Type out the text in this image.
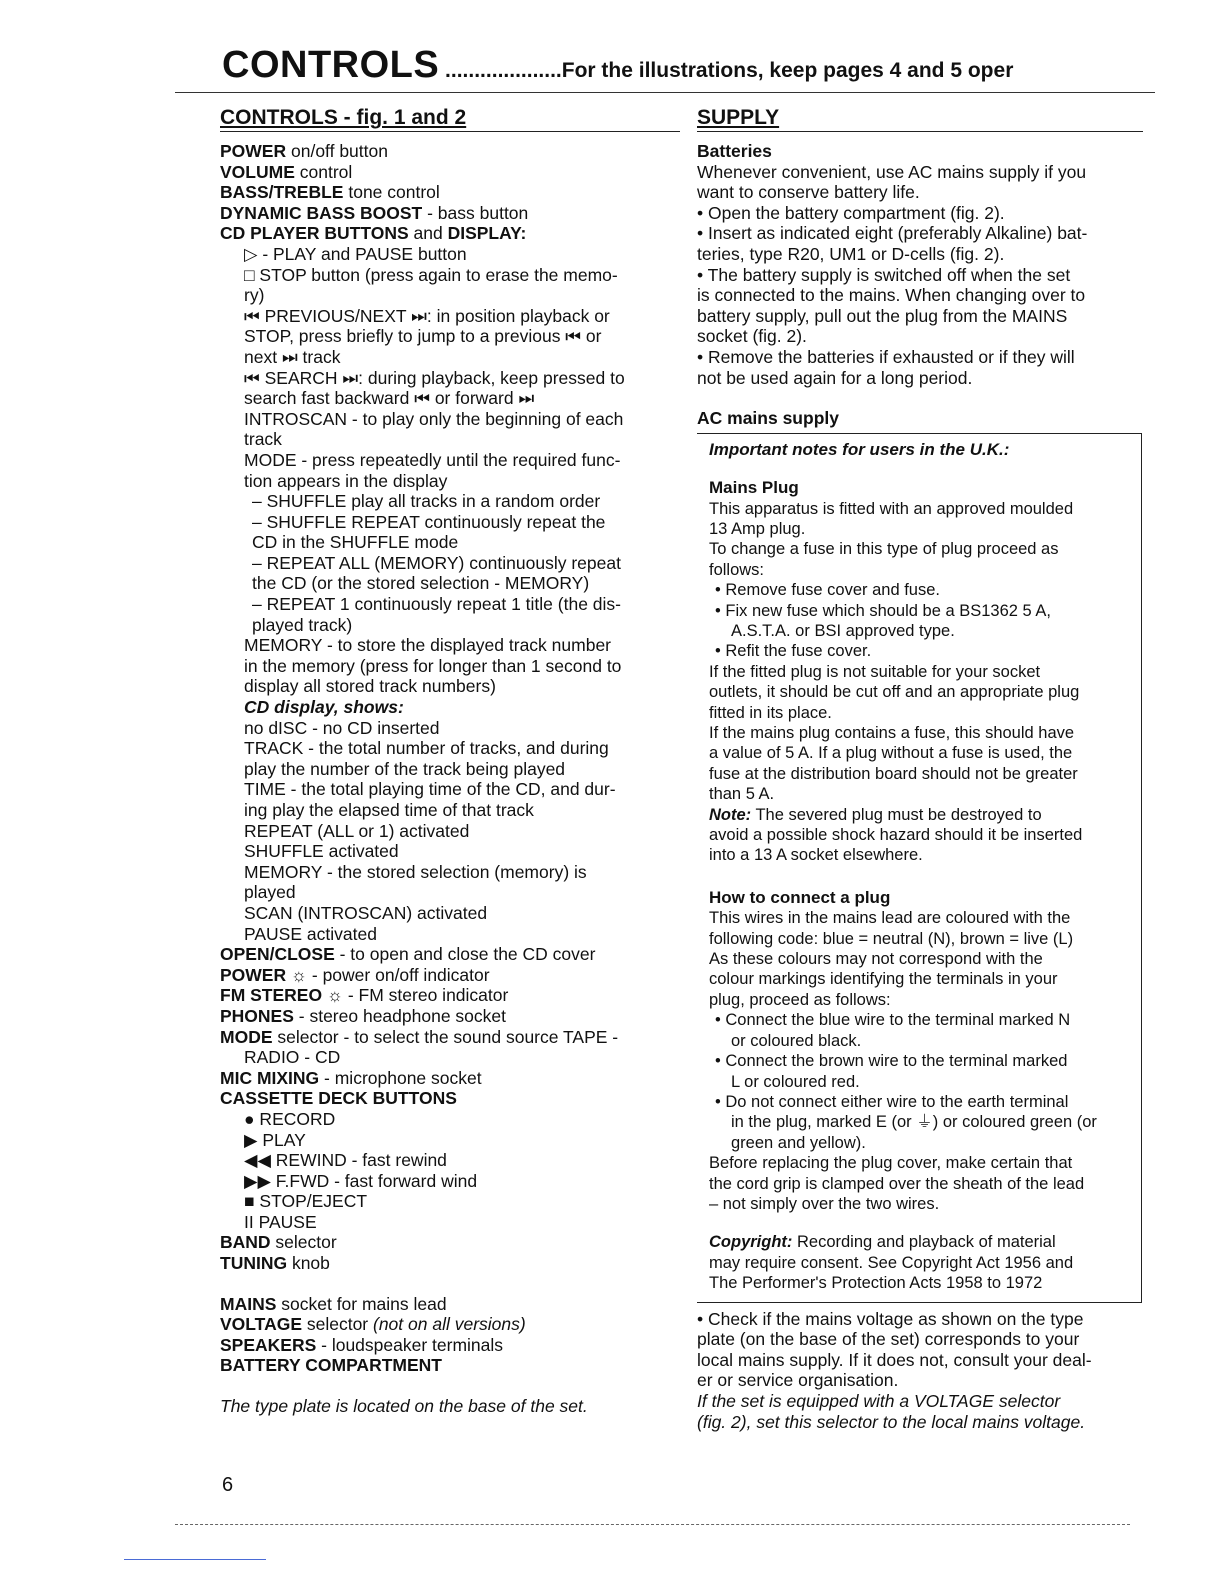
CONTROLS ....................For the illustrations, keep pages 4 and 5 oper
CONTROLS - fig. 1 and 2
POWER on/off button
VOLUME control
BASS/TREBLE tone control
DYNAMIC BASS BOOST - bass button
CD PLAYER BUTTONS and DISPLAY:
▷ - PLAY and PAUSE button
□ STOP button (press again to erase the memo-
ry)
⏮ PREVIOUS/NEXT ⏭: in position playback or
STOP, press briefly to jump to a previous ⏮ or
next ⏭ track
⏮ SEARCH ⏭: during playback, keep pressed to
search fast backward ⏮ or forward ⏭
INTROSCAN - to play only the beginning of each
track
MODE - press repeatedly until the required func-
tion appears in the display
– SHUFFLE play all tracks in a random order
– SHUFFLE REPEAT continuously repeat the
CD in the SHUFFLE mode
– REPEAT ALL (MEMORY) continuously repeat
the CD (or the stored selection - MEMORY)
– REPEAT 1 continuously repeat 1 title (the dis-
played track)
MEMORY - to store the displayed track number
in the memory (press for longer than 1 second to
display all stored track numbers)
CD display, shows:
no dISC - no CD inserted
TRACK - the total number of tracks, and during
play the number of the track being played
TIME - the total playing time of the CD, and dur-
ing play the elapsed time of that track
REPEAT (ALL or 1) activated
SHUFFLE activated
MEMORY - the stored selection (memory) is
played
SCAN (INTROSCAN) activated
PAUSE activated
OPEN/CLOSE - to open and close the CD cover
POWER ☼ - power on/off indicator
FM STEREO ☼ - FM stereo indicator
PHONES - stereo headphone socket
MODE selector - to select the sound source TAPE -
RADIO - CD
MIC MIXING - microphone socket
CASSETTE DECK BUTTONS
● RECORD
▶ PLAY
◀◀ REWIND - fast rewind
▶▶ F.FWD - fast forward wind
■ STOP/EJECT
II PAUSE
BAND selector
TUNING knob
MAINS socket for mains lead
VOLTAGE selector (not on all versions)
SPEAKERS - loudspeaker terminals
BATTERY COMPARTMENT
The type plate is located on the base of the set.
SUPPLY
Batteries
Whenever convenient, use AC mains supply if you
want to conserve battery life.
• Open the battery compartment (fig. 2).
• Insert as indicated eight (preferably Alkaline) bat-
teries, type R20, UM1 or D-cells (fig. 2).
• The battery supply is switched off when the set
is connected to the mains. When changing over to
battery supply, pull out the plug from the MAINS
socket (fig. 2).
• Remove the batteries if exhausted or if they will
not be used again for a long period.
AC mains supply
Important notes for users in the U.K.:
Mains Plug
This apparatus is fitted with an approved moulded
13 Amp plug.
To change a fuse in this type of plug proceed as
follows:
• Remove fuse cover and fuse.
• Fix new fuse which should be a BS1362 5 A,
A.S.T.A. or BSI approved type.
• Refit the fuse cover.
If the fitted plug is not suitable for your socket
outlets, it should be cut off and an appropriate plug
fitted in its place.
If the mains plug contains a fuse, this should have
a value of 5 A. If a plug without a fuse is used, the
fuse at the distribution board should not be greater
than 5 A.
Note: The severed plug must be destroyed to
avoid a possible shock hazard should it be inserted
into a 13 A socket elsewhere.
How to connect a plug
This wires in the mains lead are coloured with the
following code: blue = neutral (N), brown = live (L)
As these colours may not correspond with the
colour markings identifying the terminals in your
plug, proceed as follows:
• Connect the blue wire to the terminal marked N
or coloured black.
• Connect the brown wire to the terminal marked
L or coloured red.
• Do not connect either wire to the earth terminal
in the plug, marked E (or ⏚) or coloured green (or
green and yellow).
Before replacing the plug cover, make certain that
the cord grip is clamped over the sheath of the lead
– not simply over the two wires.
Copyright: Recording and playback of material
may require consent. See Copyright Act 1956 and
The Performer's Protection Acts 1958 to 1972
• Check if the mains voltage as shown on the type
plate (on the base of the set) corresponds to your
local mains supply. If it does not, consult your deal-
er or service organisation.
If the set is equipped with a VOLTAGE selector
(fig. 2), set this selector to the local mains voltage.
6
